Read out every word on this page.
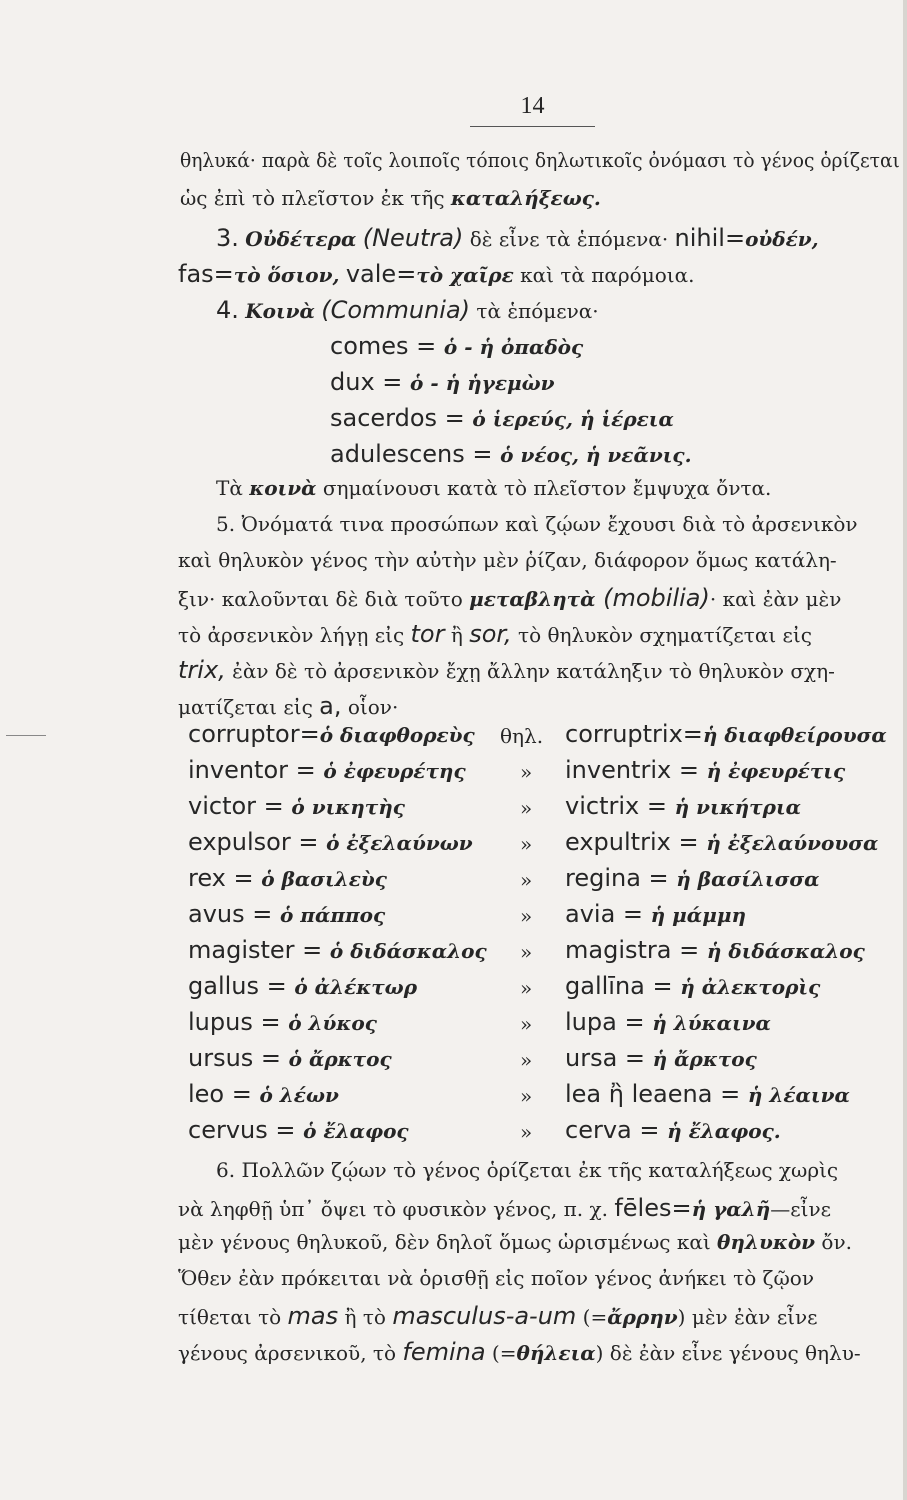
14
θηλυκά· παρὰ δὲ τοῖς λοιποῖς τόποις δηλωτικοῖς ὀνόμασι τὸ γένος ὁρίζεται
ὡς ἐπὶ τὸ πλεῖστον ἐκ τῆς καταλήξεως.
3. Οὐδέτερα (Neutra) δὲ εἶνε τὰ ἑπόμενα· nihil=οὐδέν,
fas=τὸ ὅσιον, vale=τὸ χαῖρε καὶ τὰ παρόμοια.
4. Κοινὰ (Communia) τὰ ἑπόμενα·
comes = ὁ - ἡ ὀπαδὸς
dux = ὁ - ἡ ἡγεμὼν
sacerdos = ὁ ἱερεύς, ἡ ἱέρεια
adulescens = ὁ νέος, ἡ νεᾶνις.
Τὰ κοινὰ σημαίνουσι κατὰ τὸ πλεῖστον ἔμψυχα ὄντα.
5. Ὀνόματά τινα προσώπων καὶ ζῴων ἔχουσι διὰ τὸ ἀρσενικὸν
καὶ θηλυκὸν γένος τὴν αὐτὴν μὲν ῥίζαν, διάφορον ὅμως κατάλη-
ξιν· καλοῦνται δὲ διὰ τοῦτο μεταβλητὰ (mobilia)· καὶ ἐὰν μὲν
τὸ ἀρσενικὸν λήγῃ εἰς tor ἢ sor, τὸ θηλυκὸν σχηματίζεται εἰς
trix, ἐὰν δὲ τὸ ἀρσενικὸν ἔχῃ ἄλλην κατάληξιν τὸ θηλυκὸν σχη-
ματίζεται εἰς a, οἷον·
corruptor=ὁ διαφθορεὺς θηλ. corruptrix=ἡ διαφθείρουσα
inventor = ὁ ἐφευρέτης	» inventrix = ἡ ἐφευρέτις
victor = ὁ νικητὴς	» victrix = ἡ νικήτρια
expulsor = ὁ ἐξελαύνων » expultrix = ἡ ἐξελαύνουσα
rex = ὁ βασιλεὺς	» regina = ἡ βασίλισσα
avus = ὁ πάππος	» avia = ἡ μάμμη
magister = ὁ διδάσκαλος » magistra = ἡ διδάσκαλος
gallus = ὁ ἀλέκτωρ	» gallīna = ἡ ἀλεκτορὶς
lupus = ὁ λύκος	» lupa = ἡ λύκαινα
ursus = ὁ ἄρκτος	» ursa = ἡ ἄρκτος
leo = ὁ λέων	» lea ἢ leaena = ἡ λέαινα
cervus = ὁ ἔλαφος	» cerva = ἡ ἔλαφος.
6. Πολλῶν ζῴων τὸ γένος ὁρίζεται ἐκ τῆς καταλήξεως χωρὶς
νὰ ληφθῇ ὑπ᾽ ὄψει τὸ φυσικὸν γένος, π. χ. fēles=ἡ γαλῆ—εἶνε
μὲν γένους θηλυκοῦ, δὲν δηλοῖ ὅμως ὡρισμένως καὶ θηλυκὸν ὄν.
Ὅθεν ἐὰν πρόκειται νὰ ὁρισθῇ εἰς ποῖον γένος ἀνήκει τὸ ζῷον
τίθεται τὸ mas ἢ τὸ masculus-a-um (=ἄρρην) μὲν ἐὰν εἶνε
γένους ἀρσενικοῦ, τὸ femina (=θήλεια) δὲ ἐὰν εἶνε γένους θηλυ-
